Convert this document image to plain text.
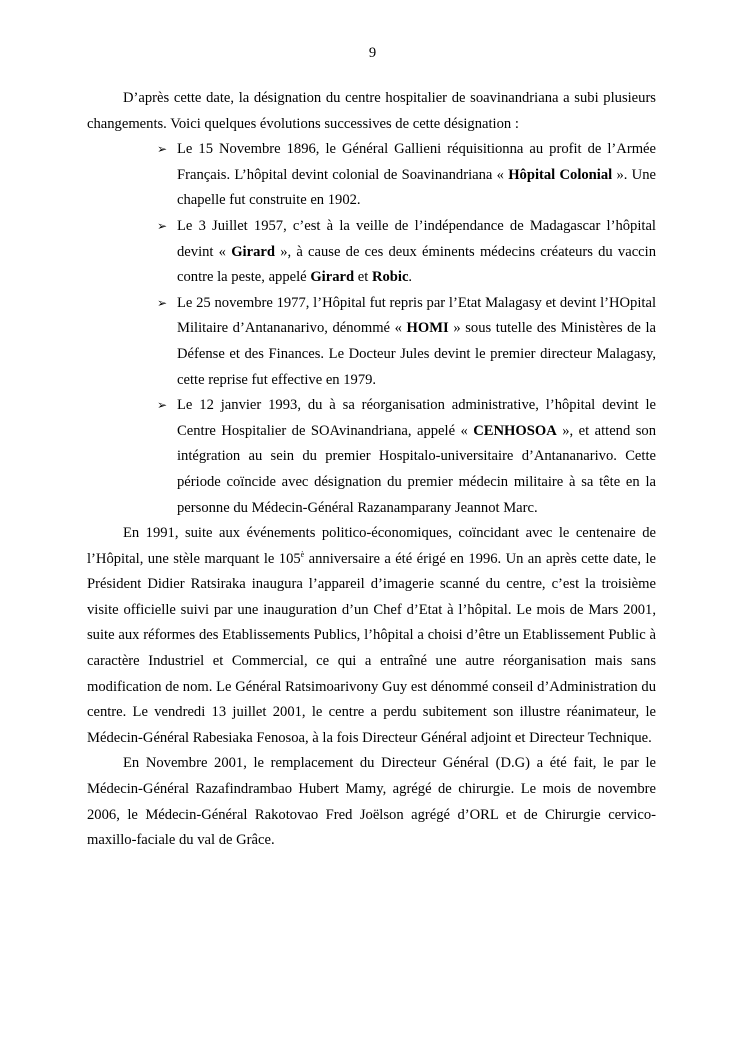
9

D’après cette date, la désignation du centre hospitalier de soavinandriana a subi plusieurs changements. Voici quelques évolutions successives de cette désignation :

➢ Le 15 Novembre 1896, le Général Gallieni réquisitionna au profit de l’Armée Français. L’hôpital devint colonial de Soavinandriana « Hôpital Colonial ». Une chapelle fut construite en 1902.
➢ Le 3 Juillet 1957, c’est à la veille de l’indépendance de Madagascar l’hôpital devint « Girard », à cause de ces deux éminents médecins créateurs du vaccin contre la peste, appelé Girard et Robic.
➢ Le 25 novembre 1977, l’Hôpital fut repris par l’Etat Malagasy et devint l’HOpital Militaire d’Antananarivo, dénommé « HOMI » sous tutelle des Ministères de la Défense et des Finances. Le Docteur Jules devint le premier directeur Malagasy, cette reprise fut effective en 1979.
➢ Le 12 janvier 1993, du à sa réorganisation administrative, l’hôpital devint le Centre Hospitalier de SOAvinandriana, appelé « CENHOSOA », et attend son intégration au sein du premier Hospitalo-universitaire d’Antananarivo. Cette période coïncide avec désignation du premier médecin militaire à sa tête en la personne du Médecin-Général Razanamparany Jeannot Marc.

En 1991, suite aux événements politico-économiques, coïncidant avec le centenaire de l’Hôpital, une stèle marquant le $105^è$ anniversaire a été érigé en 1996. Un an après cette date, le Président Didier Ratsiraka inaugura l’appareil d’imagerie scanné du centre, c’est la troisième visite officielle suivi par une inauguration d’un Chef d’Etat à l’hôpital. Le mois de Mars 2001, suite aux réformes des Etablissements Publics, l’hôpital a choisi d’être un Etablissement Public à caractère Industriel et Commercial, ce qui a entraîné une autre réorganisation mais sans modification de nom. Le Général Ratsimoarivony Guy est dénommé conseil d’Administration du centre. Le vendredi 13 juillet 2001, le centre a perdu subitement son illustre réanimateur, le Médecin-Général Rabesiaka Fenosoa, à la fois Directeur Général adjoint et Directeur Technique.

En Novembre 2001, le remplacement du Directeur Général (D.G) a été fait, le par le Médecin-Général Razafindrambao Hubert Mamy, agrégé de chirurgie. Le mois de novembre 2006, le Médecin-Général Rakotovao Fred Joëlson agrégé d’ORL et de Chirurgie cervico-maxillo-faciale du val de Grâce.
